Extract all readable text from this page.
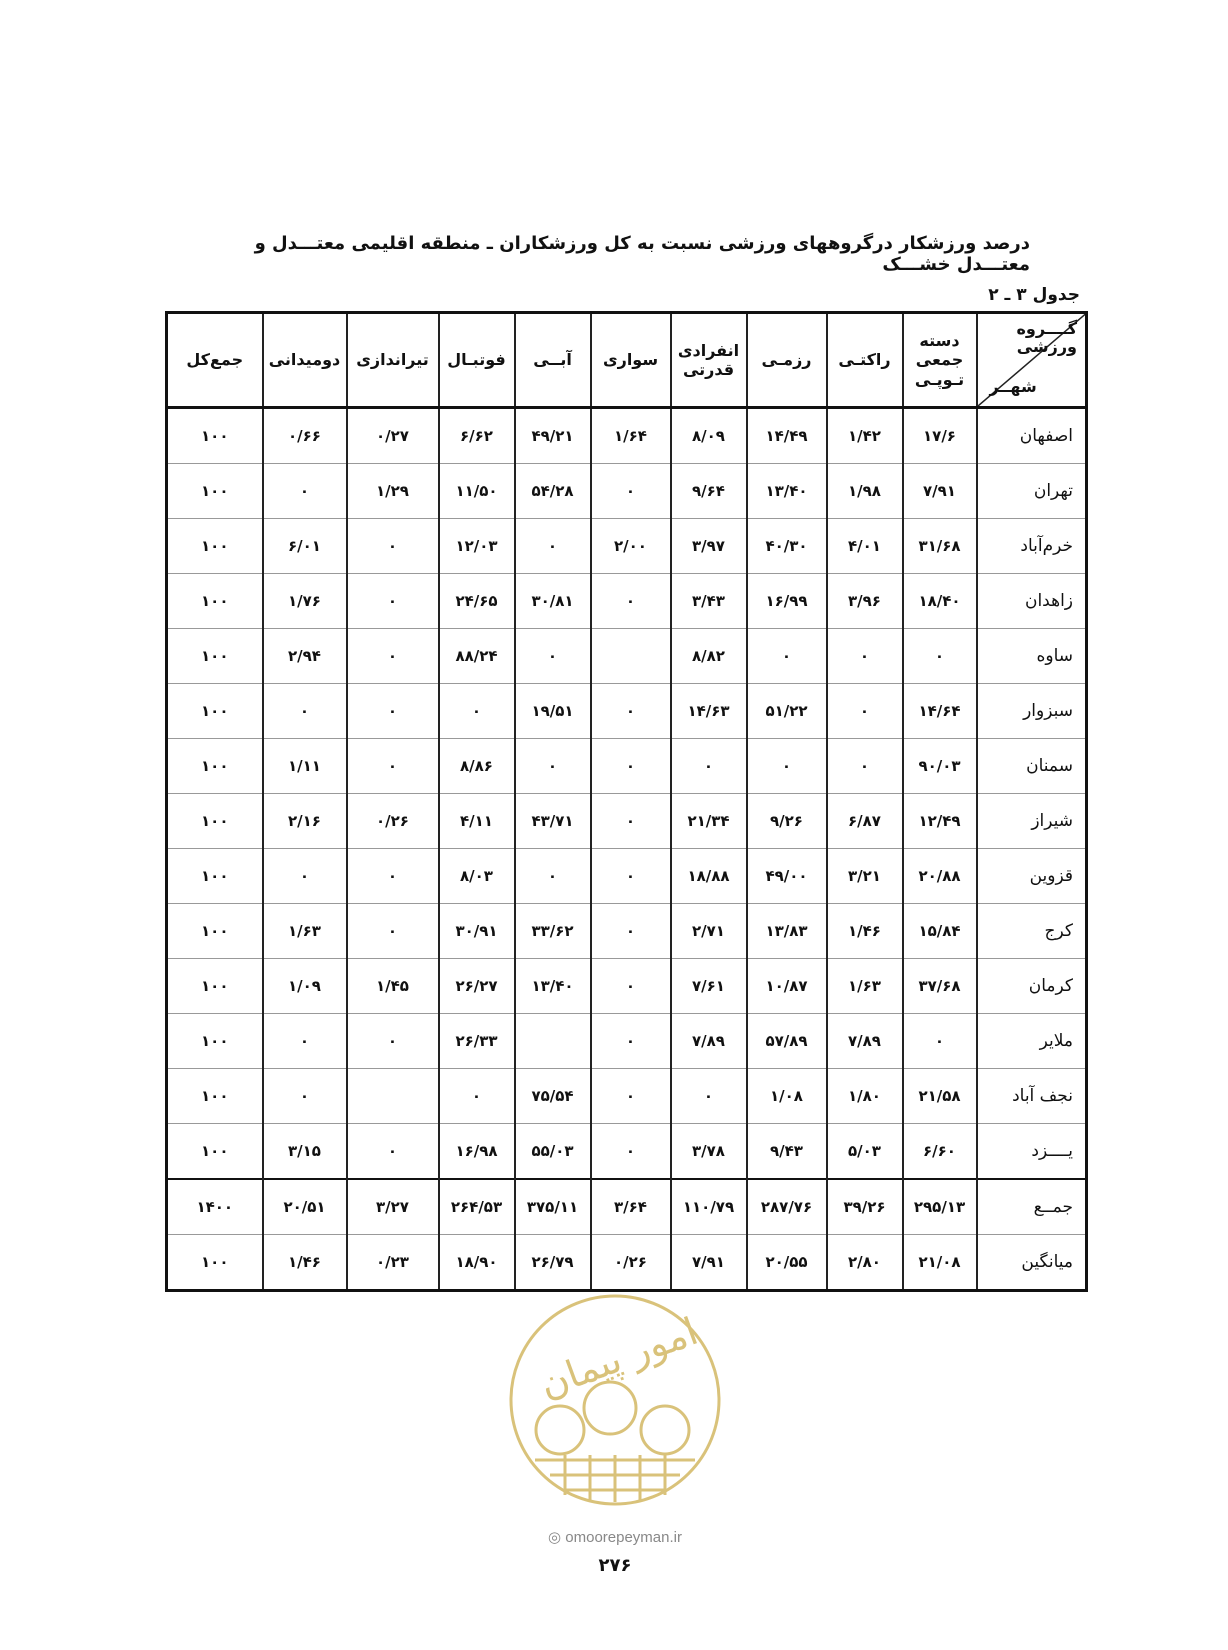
درصد ورزشکار درگروههای ورزشی نسبت به کل ورزشکاران ـ منطقه اقلیمی معتـــدل و معتـــدل خشـــک
جدول ۳ ـ ۲
گــــروه
ورزشی
شهــر	دسته جمعی تـوپـی	راکتـی	رزمـی	انفرادی قدرتی	سواری	آبــی	فوتبـال	تیراندازی	دومیدانی	جمع‌کل
اصفهان	۱۷/۶	۱/۴۲	۱۴/۴۹	۸/۰۹	۱/۶۴	۴۹/۲۱	۶/۶۲	۰/۲۷	۰/۶۶	۱۰۰
تهران	۷/۹۱	۱/۹۸	۱۳/۴۰	۹/۶۴	۰	۵۴/۲۸	۱۱/۵۰	۱/۲۹	۰	۱۰۰
خرم‌آباد	۳۱/۶۸	۴/۰۱	۴۰/۳۰	۳/۹۷	۲/۰۰	۰	۱۲/۰۳	۰	۶/۰۱	۱۰۰
زاهدان	۱۸/۴۰	۳/۹۶	۱۶/۹۹	۳/۴۳	۰	۳۰/۸۱	۲۴/۶۵	۰	۱/۷۶	۱۰۰
ساوه	۰	۰	۰	۸/۸۲		۰	۸۸/۲۴	۰	۲/۹۴	۱۰۰
سبزوار	۱۴/۶۴	۰	۵۱/۲۲	۱۴/۶۳	۰	۱۹/۵۱	۰	۰	۰	۱۰۰
سمنان	۹۰/۰۳	۰	۰	۰	۰	۰	۸/۸۶	۰	۱/۱۱	۱۰۰
شیراز	۱۲/۴۹	۶/۸۷	۹/۲۶	۲۱/۳۴	۰	۴۳/۷۱	۴/۱۱	۰/۲۶	۲/۱۶	۱۰۰
قزوین	۲۰/۸۸	۳/۲۱	۴۹/۰۰	۱۸/۸۸	۰	۰	۸/۰۳	۰	۰	۱۰۰
کرج	۱۵/۸۴	۱/۴۶	۱۳/۸۳	۲/۷۱	۰	۳۳/۶۲	۳۰/۹۱	۰	۱/۶۳	۱۰۰
کرمان	۳۷/۶۸	۱/۶۳	۱۰/۸۷	۷/۶۱	۰	۱۳/۴۰	۲۶/۲۷	۱/۴۵	۱/۰۹	۱۰۰
ملایر	۰	۷/۸۹	۵۷/۸۹	۷/۸۹	۰		۲۶/۳۳	۰	۰	۱۰۰
نجف آباد	۲۱/۵۸	۱/۸۰	۱/۰۸	۰	۰	۷۵/۵۴	۰		۰	۱۰۰
یــــزد	۶/۶۰	۵/۰۳	۹/۴۳	۳/۷۸	۰	۵۵/۰۳	۱۶/۹۸	۰	۳/۱۵	۱۰۰
جمــع	۲۹۵/۱۳	۳۹/۲۶	۲۸۷/۷۶	۱۱۰/۷۹	۳/۶۴	۳۷۵/۱۱	۲۶۴/۵۳	۳/۲۷	۲۰/۵۱	۱۴۰۰
میانگین	۲۱/۰۸	۲/۸۰	۲۰/۵۵	۷/۹۱	۰/۲۶	۲۶/۷۹	۱۸/۹۰	۰/۲۳	۱/۴۶	۱۰۰
امور پیمان
◎ omoorepeyman.ir
۲۷۶
